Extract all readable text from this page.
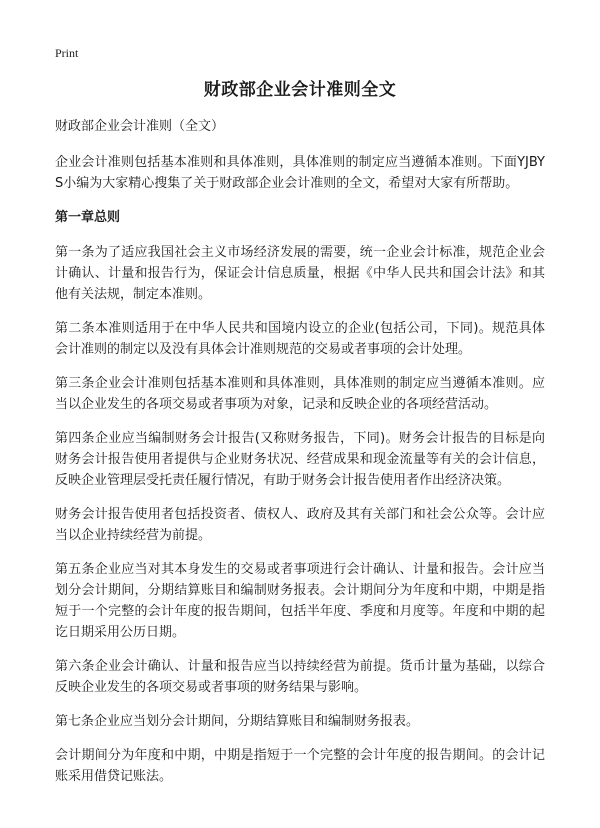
Print
财政部企业会计准则全文

财政部企业会计准则（全文）

企业会计准则包括基本准则和具体准则，具体准则的制定应当遵循本准则。下面YJBYS小编为大家精心搜集了关于财政部企业会计准则的全文，希望对大家有所帮助。

第一章总则

第一条为了适应我国社会主义市场经济发展的需要，统一企业会计标准，规范企业会计确认、计量和报告行为，保证会计信息质量，根据《中华人民共和国会计法》和其他有关法规，制定本准则。

第二条本准则适用于在中华人民共和国境内设立的企业(包括公司，下同)。规范具体会计准则的制定以及没有具体会计准则规范的交易或者事项的会计处理。

第三条企业会计准则包括基本准则和具体准则，具体准则的制定应当遵循本准则。应当以企业发生的各项交易或者事项为对象，记录和反映企业的各项经营活动。

第四条企业应当编制财务会计报告(又称财务报告，下同)。财务会计报告的目标是向财务会计报告使用者提供与企业财务状况、经营成果和现金流量等有关的会计信息，反映企业管理层受托责任履行情况，有助于财务会计报告使用者作出经济决策。

财务会计报告使用者包括投资者、债权人、政府及其有关部门和社会公众等。会计应当以企业持续经营为前提。

第五条企业应当对其本身发生的交易或者事项进行会计确认、计量和报告。会计应当划分会计期间，分期结算账目和编制财务报表。会计期间分为年度和中期，中期是指短于一个完整的会计年度的报告期间，包括半年度、季度和月度等。年度和中期的起讫日期采用公历日期。

第六条企业会计确认、计量和报告应当以持续经营为前提。货币计量为基础，以综合反映企业发生的各项交易或者事项的财务结果与影响。

第七条企业应当划分会计期间，分期结算账目和编制财务报表。

会计期间分为年度和中期，中期是指短于一个完整的会计年度的报告期间。的会计记账采用借贷记账法。
